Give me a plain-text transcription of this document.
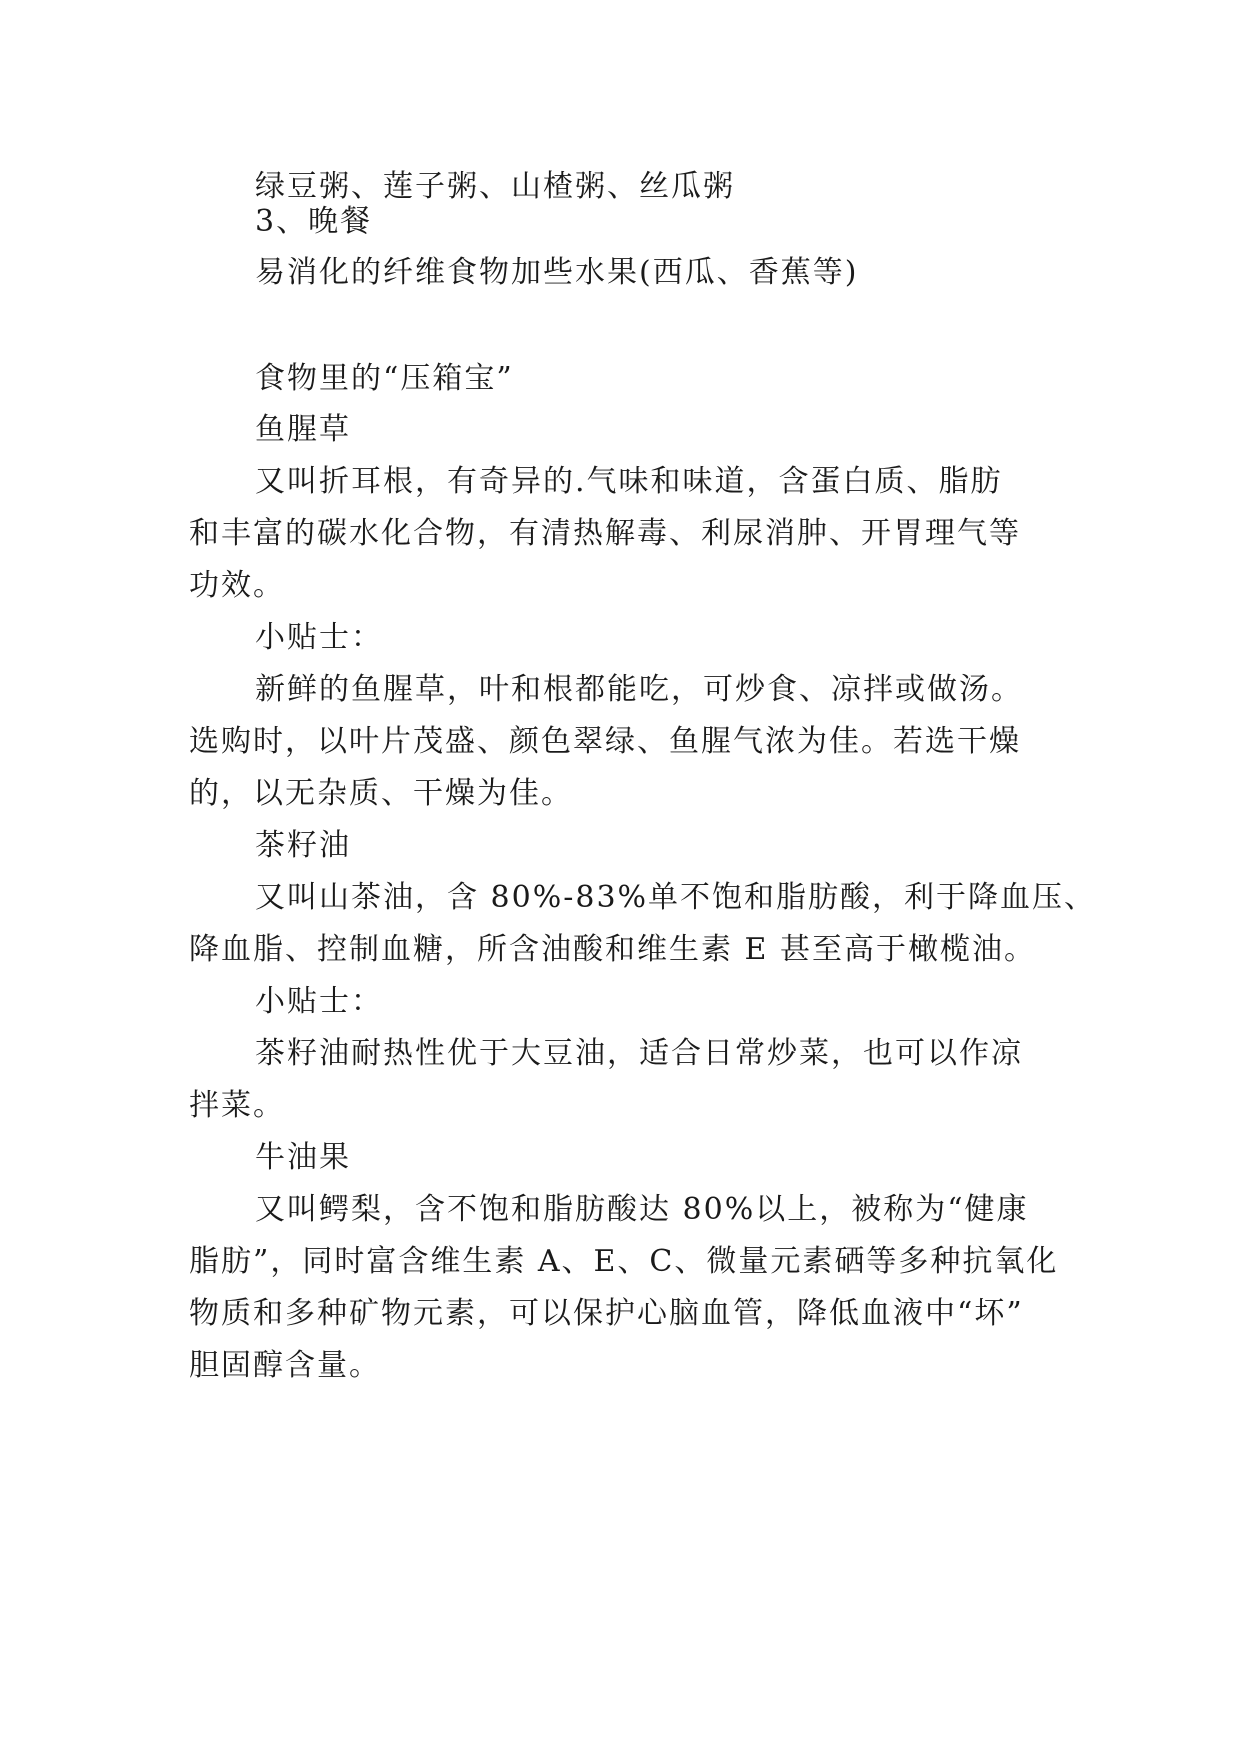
绿豆粥、莲子粥、山楂粥、丝瓜粥
3、晚餐
易消化的纤维食物加些水果(西瓜、香蕉等)
食物里的“压箱宝”
鱼腥草
又叫折耳根，有奇异的.气味和味道，含蛋白质、脂肪
和丰富的碳水化合物，有清热解毒、利尿消肿、开胃理气等
功效。
小贴士：
新鲜的鱼腥草，叶和根都能吃，可炒食、凉拌或做汤。
选购时，以叶片茂盛、颜色翠绿、鱼腥气浓为佳。若选干燥
的，以无杂质、干燥为佳。
茶籽油
又叫山茶油，含 80%-83%单不饱和脂肪酸，利于降血压、
降血脂、控制血糖，所含油酸和维生素 E 甚至高于橄榄油。
小贴士：
茶籽油耐热性优于大豆油，适合日常炒菜，也可以作凉
拌菜。
牛油果
又叫鳄梨，含不饱和脂肪酸达 80%以上，被称为“健康
脂肪”，同时富含维生素 A、E、C、微量元素硒等多种抗氧化
物质和多种矿物元素，可以保护心脑血管，降低血液中“坏”
胆固醇含量。
